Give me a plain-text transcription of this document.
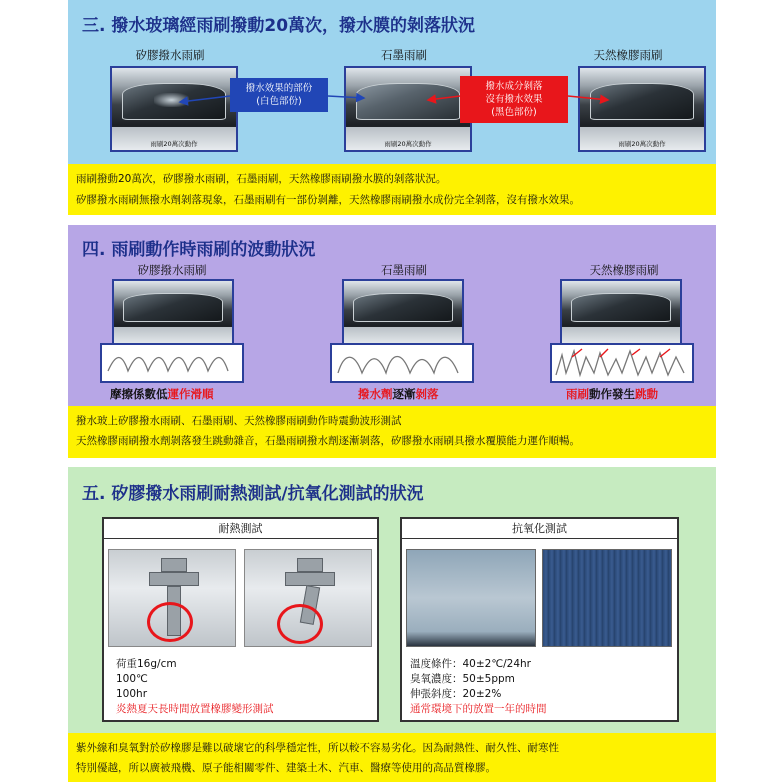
三. 撥水玻璃經雨刷撥動20萬次，撥水膜的剝落狀況
矽膠撥水雨刷	石墨雨刷	天然橡膠雨刷
雨刷20萬次動作	雨刷20萬次動作	雨刷20萬次動作
撥水效果的部份
(白色部份)
撥水成分剝落
沒有撥水效果
(黑色部份)
雨刷撥動20萬次，矽膠撥水雨刷，石墨雨刷，天然橡膠雨刷撥水膜的剝落狀況。
矽膠撥水雨刷無撥水劑剝落現象，石墨雨刷有一部份剝離，天然橡膠雨刷撥水成份完全剝落，沒有撥水效果。
四. 雨刷動作時雨刷的波動狀況
矽膠撥水雨刷	石墨雨刷	天然橡膠雨刷
摩擦係數低運作滑順	撥水劑逐漸剝落	雨刷動作發生跳動
撥水玻上矽膠撥水雨刷、石墨雨刷、天然橡膠雨刷動作時震動波形測試
天然橡膠雨刷撥水劑剝落發生跳動雜音，石墨雨刷撥水劑逐漸剝落，矽膠撥水雨刷具撥水覆膜能力運作順暢。
五. 矽膠撥水雨刷耐熱測試/抗氧化測試的狀況
耐熱測試
荷重16g/cm
100℃
100hr
炎熱夏天長時間放置橡膠變形測試
抗氧化測試
溫度條件：40±2℃/24hr
臭氧濃度：50±5ppm
伸張斜度：20±2%
通常環境下的放置一年的時間
紫外線和臭氧對於矽橡膠是難以破壞它的科學穩定性，所以較不容易劣化。因為耐熱性、耐久性、耐寒性
特別優越，所以廣被飛機、原子能相關零件、建築土木、汽車、醫療等使用的高品質橡膠。
